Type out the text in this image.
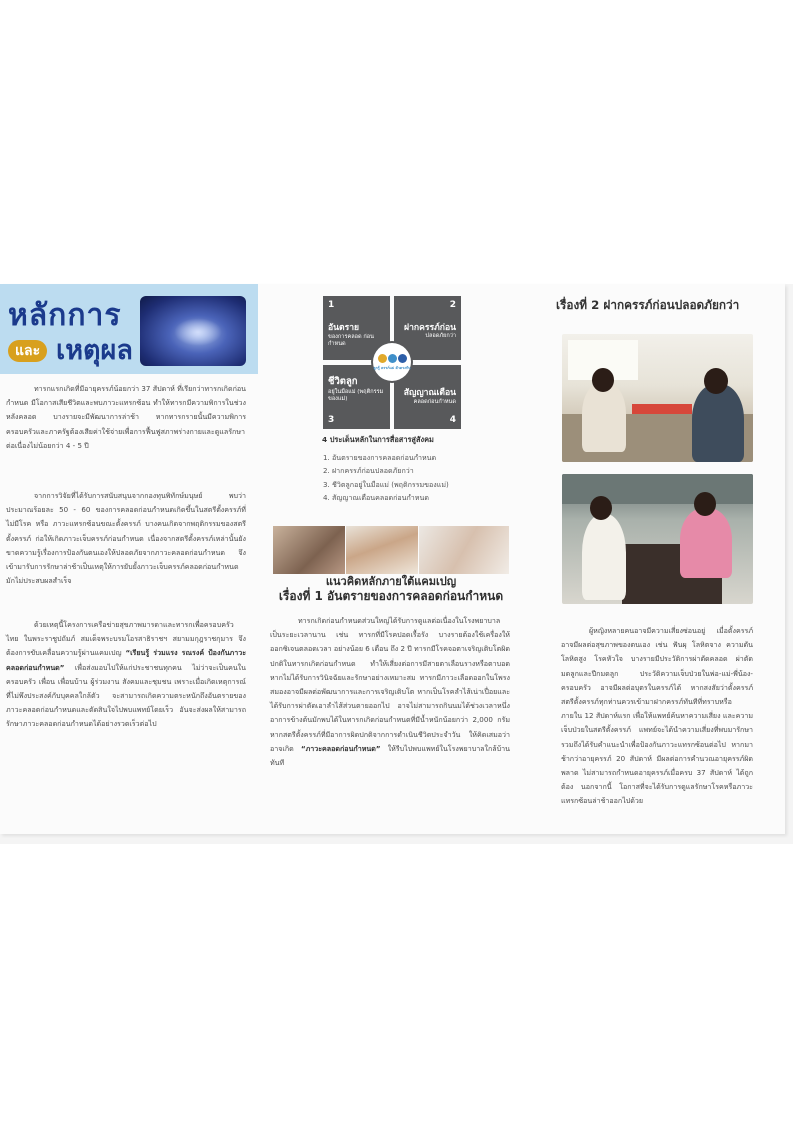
หลักการ
และ เหตุผล

ทารกแรกเกิดที่มีอายุครรภ์น้อยกว่า 37 สัปดาห์ ที่เรียกว่าทารกเกิดก่อนกำหนด มีโอกาสเสียชีวิตและพบภาวะแทรกซ้อน ทำให้ทารกมีความพิการในช่วงหลังคลอด บางรายจะมีพัฒนาการล่าช้า หากทารกรายนั้นมีความพิการ ครอบครัวและภาครัฐต้องเสียค่าใช้จ่ายเพื่อการฟื้นฟูสภาพร่างกายและดูแลรักษาต่อเนื่องไม่น้อยกว่า 4 - 5 ปี

จากการวิจัยที่ได้รับการสนับสนุนจากกองทุนพิทักษ์มนุษย์ พบว่า ประมาณร้อยละ 50 - 60 ของการคลอดก่อนกำหนดเกิดขึ้นในสตรีตั้งครรภ์ที่ไม่มีโรค หรือ ภาวะแทรกซ้อนขณะตั้งครรภ์ บางคนเกิดจากพฤติกรรมของสตรีตั้งครรภ์ ก่อให้เกิดภาวะเจ็บครรภ์ก่อนกำหนด เนื่องจากสตรีตั้งครรภ์เหล่านั้นยังขาดความรู้เรื่องการป้องกันตนเองให้ปลอดภัยจากภาวะคลอดก่อนกำหนด จึงเข้ามารับการรักษาล่าช้าเป็นเหตุให้การยับยั้งภาวะเจ็บครรภ์คลอดก่อนกำหนดมักไม่ประสบผลสำเร็จ

ด้วยเหตุนี้โครงการเครือข่ายสุขภาพมารดาและทารกเพื่อครอบครัวไทย ในพระราชูปถัมภ์ สมเด็จพระบรมโอรสาธิราชฯ สยามมกุฎราชกุมาร จึงต้องการขับเคลื่อนความรู้ผ่านแคมเปญ “เรียนรู้ ร่วมแรง รณรงค์ ป้องกันภาวะคลอดก่อนกำหนด” เพื่อส่งมอบไปให้แก่ประชาชนทุกคน ไม่ว่าจะเป็นคนในครอบครัว เพื่อน เพื่อนบ้าน ผู้ร่วมงาน สังคมและชุมชน เพราะเมื่อเกิดเหตุการณ์ที่ไม่พึงประสงค์กับบุคคลใกล้ตัว จะสามารถเกิดความตระหนักถึงอันตรายของภาวะคลอดก่อนกำหนดและตัดสินใจไปพบแพทย์โดยเร็ว อันจะส่งผลให้สามารถรักษาภาวะคลอดก่อนกำหนดได้อย่างรวดเร็วต่อไป

1
อันตราย
ของการคลอด ก่อนกำหนด
2
ฝากครรภ์ก่อน
ปลอดภัยกว่า
3
ชีวิตลูก
อยู่ในมือแม่ (พฤติกรรมของแม่)
4
สัญญาณเตือน
คลอดก่อนกำหนด
ลูกรู้ ครรภ์แม่ ตัวตรงกัน
4 ประเด็นหลักในการสื่อสารสู่สังคม
1. อันตรายของการคลอดก่อนกำหนด
2. ฝากครรภ์ก่อนปลอดภัยกว่า
3. ชีวิตลูกอยู่ในมือแม่ (พฤติกรรมของแม่)
4. สัญญาณเตือนคลอดก่อนกำหนด
แนวคิดหลักภายใต้แคมเปญ
เรื่องที่ 1 อันตรายของการคลอดก่อนกำหนด

ทารกเกิดก่อนกำหนดส่วนใหญ่ได้รับการดูแลต่อเนื่องในโรงพยาบาลเป็นระยะเวลานาน เช่น ทารกที่มีโรคปอดเรื้อรัง บางรายต้องใช้เครื่องให้ออกซิเจนตลอดเวลา อย่างน้อย 6 เดือน ถึง 2 ปี ทารกมีโรคจอตาเจริญเติบโตผิดปกติในทารกเกิดก่อนกำหนด ทำให้เสี่ยงต่อการมีสายตาเลือนรางหรือตาบอด หากไม่ได้รับการวินิจฉัยและรักษาอย่างเหมาะสม ทารกมีภาวะเลือดออกในโพรงสมองอาจมีผลต่อพัฒนาการและการเจริญเติบโต หากเป็นโรคลำไส้เน่าเปื่อยและได้รับการผ่าตัดเอาลำไส้ส่วนตายออกไป อาจไม่สามารถกินนมได้ช่วงเวลาหนึ่ง อาการข้างต้นมักพบได้ในทารกเกิดก่อนกำหนดที่มีน้ำหนักน้อยกว่า 2,000 กรัม หากสตรีตั้งครรภ์ที่มีอาการผิดปกติจากการดำเนินชีวิตประจำวัน ให้คิดเสมอว่าอาจเกิด “ภาวะคลอดก่อนกำหนด” ให้รีบไปพบแพทย์ในโรงพยาบาลใกล้บ้านทันที

เรื่องที่ 2 ฝากครรภ์ก่อนปลอดภัยกว่า

ผู้หญิงหลายคนอาจมีความเสี่ยงซ่อนอยู่ เมื่อตั้งครรภ์อาจมีผลต่อสุขภาพของตนเอง เช่น ฟันผุ โลหิตจาง ความดันโลหิตสูง โรคหัวใจ บางรายมีประวัติการผ่าตัดคลอด ผ่าตัดมดลูกและปีกมดลูก ประวัติความเจ็บป่วยในพ่อ-แม่-พี่น้อง-ครอบครัว อาจมีผลต่อบุตรในครรภ์ได้ หากสงสัยว่าตั้งครรภ์ สตรีตั้งครรภ์ทุกท่านควรเข้ามาฝากครรภ์ทันทีที่ทราบหรือ ภายใน 12 สัปดาห์แรก เพื่อให้แพทย์ค้นหาความเสี่ยง และความเจ็บป่วยในสตรีตั้งครรภ์ แพทย์จะได้นำความเสี่ยงที่พบมารักษา รวมถึงได้รับคำแนะนำเพื่อป้องกันภาวะแทรกซ้อนต่อไป หากมาช้ากว่าอายุครรภ์ 20 สัปดาห์ มีผลต่อการคำนวณอายุครรภ์ผิดพลาด ไม่สามารถกำหนดอายุครรภ์เมื่อครบ 37 สัปดาห์ ได้ถูกต้อง นอกจากนี้ โอกาสที่จะได้รับการดูแลรักษาโรคหรือภาวะแทรกซ้อนล่าช้าออกไปด้วย
